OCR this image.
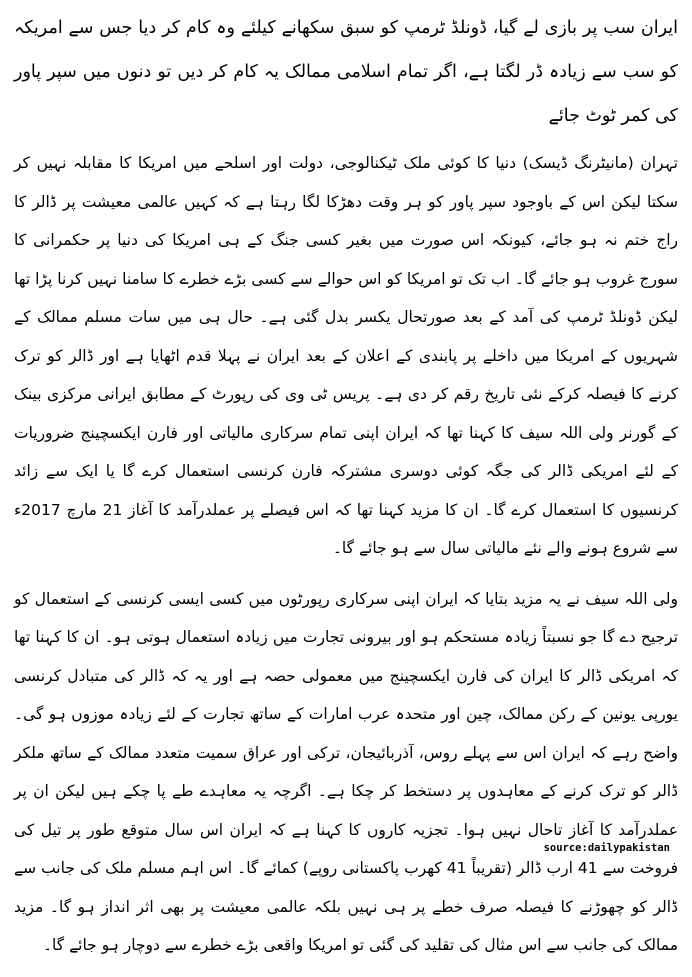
ایران سب پر بازی لے گیا، ڈونلڈ ٹرمپ کو سبق سکھانے کیلئے وہ کام کر دیا جس سے امریکہ کو سب سے زیادہ ڈر لگتا ہے، اگر تمام اسلامی ممالک یہ کام کر دیں تو دنوں میں سپر پاور کی کمر ٹوٹ جائے

تہران (مانیٹرنگ ڈیسک) دنیا کا کوئی ملک ٹیکنالوجی، دولت اور اسلحے میں امریکا کا مقابلہ نہیں کر سکتا لیکن اس کے باوجود سپر پاور کو ہر وقت دھڑکا لگا رہتا ہے کہ کہیں عالمی معیشت پر ڈالر کا راج ختم نہ ہو جائے، کیونکہ اس صورت میں بغیر کسی جنگ کے ہی امریکا کی دنیا پر حکمرانی کا سورج غروب ہو جائے گا۔ اب تک تو امریکا کو اس حوالے سے کسی بڑے خطرے کا سامنا نہیں کرنا پڑا تھا لیکن ڈونلڈ ٹرمپ کی آمد کے بعد صورتحال یکسر بدل گئی ہے۔ حال ہی میں سات مسلم ممالک کے شہریوں کے امریکا میں داخلے پر پابندی کے اعلان کے بعد ایران نے پہلا قدم اٹھایا ہے اور ڈالر کو ترک کرنے کا فیصلہ کرکے نئی تاریخ رقم کر دی ہے۔ پریس ٹی وی کی رپورٹ کے مطابق ایرانی مرکزی بینک کے گورنر ولی اللہ سیف کا کہنا تھا کہ ایران اپنی تمام سرکاری مالیاتی اور فارن ایکسچینج ضروریات کے لئے امریکی ڈالر کی جگہ کوئی دوسری مشترکہ فارن کرنسی استعمال کرے گا یا ایک سے زائد کرنسیوں کا استعمال کرے گا۔ ان کا مزید کہنا تھا کہ اس فیصلے پر عملدرآمد کا آغاز 21 مارچ 2017ء سے شروع ہونے والے نئے مالیاتی سال سے ہو جائے گا۔

ولی اللہ سیف نے یہ مزید بتایا کہ ایران اپنی سرکاری رپورٹوں میں کسی ایسی کرنسی کے استعمال کو ترجیح دے گا جو نسبتاً زیادہ مستحکم ہو اور بیرونی تجارت میں زیادہ استعمال ہوتی ہو۔ ان کا کہنا تھا کہ امریکی ڈالر کا ایران کی فارن ایکسچینج میں معمولی حصہ ہے اور یہ کہ ڈالر کی متبادل کرنسی یورپی یونین کے رکن ممالک، چین اور متحدہ عرب امارات کے ساتھ تجارت کے لئے زیادہ موزوں ہو گی۔ واضح رہے کہ ایران اس سے پہلے روس، آذربائیجان، ترکی اور عراق سمیت متعدد ممالک کے ساتھ ملکر ڈالر کو ترک کرنے کے معاہدوں پر دستخط کر چکا ہے۔ اگرچہ یہ معاہدے طے پا چکے ہیں لیکن ان پر عملدرآمد کا آغاز تاحال نہیں ہوا۔ تجزیہ کاروں کا کہنا ہے کہ ایران اس سال متوقع طور پر تیل کی فروخت سے 41 ارب ڈالر (تقریباً 41 کھرب پاکستانی روپے) کمائے گا۔ اس اہم مسلم ملک کی جانب سے ڈالر کو چھوڑنے کا فیصلہ صرف خطے پر ہی نہیں بلکہ عالمی معیشت پر بھی اثر انداز ہو گا۔ مزید ممالک کی جانب سے اس مثال کی تقلید کی گئی تو امریکا واقعی بڑے خطرے سے دوچار ہو جائے گا۔

source:dailypakistan
